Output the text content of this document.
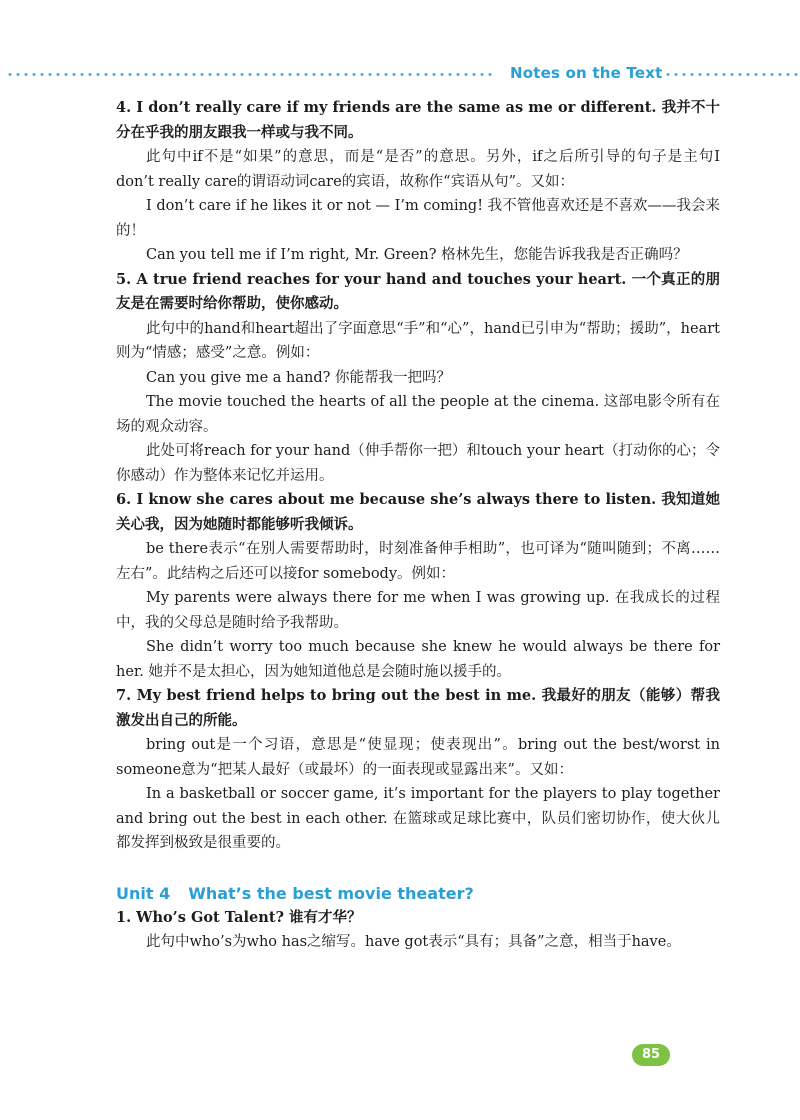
Notes on the Text

4. I don’t really care if my friends are the same as me or different. 我并不十分在乎我的朋友跟我一样或与我不同。

此句中if不是“如果”的意思，而是“是否”的意思。另外，if之后所引导的句子是主句I don’t really care的谓语动词care的宾语，故称作“宾语从句”。又如：

I don’t care if he likes it or not — I’m coming! 我不管他喜欢还是不喜欢——我会来的！

Can you tell me if I’m right, Mr. Green? 格林先生，您能告诉我我是否正确吗？

5. A true friend reaches for your hand and touches your heart. 一个真正的朋友是在需要时给你帮助，使你感动。

此句中的hand和heart超出了字面意思“手”和“心”，hand已引申为“帮助；援助”，heart则为“情感；感受”之意。例如：

Can you give me a hand? 你能帮我一把吗？

The movie touched the hearts of all the people at the cinema. 这部电影令所有在场的观众动容。

此处可将reach for your hand（伸手帮你一把）和touch your heart（打动你的心；令你感动）作为整体来记忆并运用。

6. I know she cares about me because she’s always there to listen. 我知道她关心我，因为她随时都能够听我倾诉。

be there表示“在别人需要帮助时，时刻准备伸手相助”，也可译为“随叫随到；不离……左右”。此结构之后还可以接for somebody。例如：

My parents were always there for me when I was growing up. 在我成长的过程中，我的父母总是随时给予我帮助。

She didn’t worry too much because she knew he would always be there for her. 她并不是太担心，因为她知道他总是会随时施以援手的。

7. My best friend helps to bring out the best in me. 我最好的朋友（能够）帮我激发出自己的所能。

bring out是一个习语，意思是“使显现；使表现出”。bring out the best/worst in someone意为“把某人最好（或最坏）的一面表现或显露出来”。又如：

In a basketball or soccer game, it’s important for the players to play together and bring out the best in each other. 在篮球或足球比赛中，队员们密切协作，使大伙儿都发挥到极致是很重要的。

Unit 4 What’s the best movie theater?

1. Who’s Got Talent? 谁有才华？

此句中who’s为who has之缩写。have got表示“具有；具备”之意，相当于have。

85
